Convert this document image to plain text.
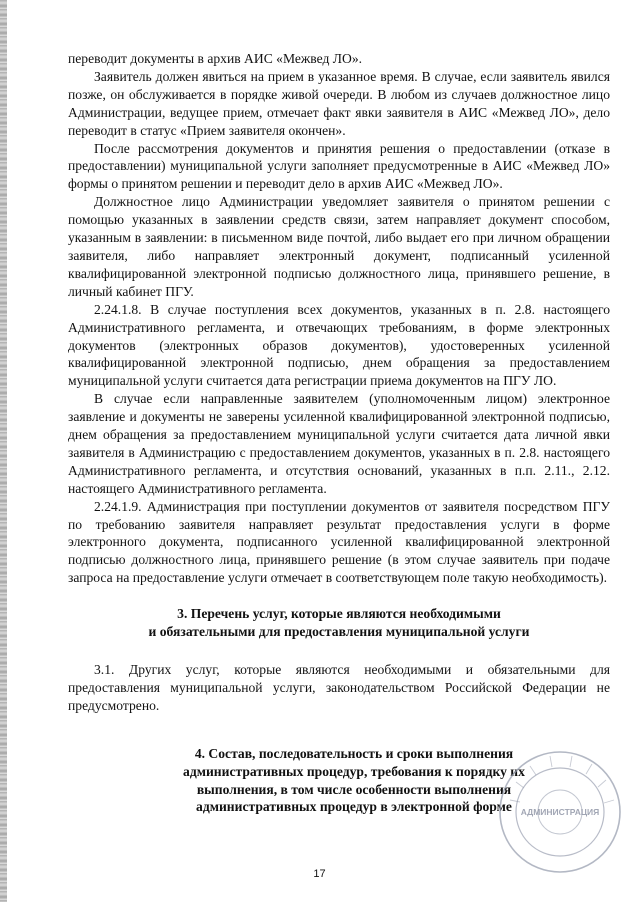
переводит документы в архив АИС «Межвед ЛО».

Заявитель должен явиться на прием в указанное время. В случае, если заявитель явился позже, он обслуживается в порядке живой очереди. В любом из случаев должностное лицо Администрации, ведущее прием, отмечает факт явки заявителя в АИС «Межвед ЛО», дело переводит в статус «Прием заявителя окончен».

После рассмотрения документов и принятия решения о предоставлении (отказе в предоставлении) муниципальной услуги заполняет предусмотренные в АИС «Межвед ЛО» формы о принятом решении и переводит дело в архив АИС «Межвед ЛО».

Должностное лицо Администрации уведомляет заявителя о принятом решении с помощью указанных в заявлении средств связи, затем направляет документ способом, указанным в заявлении: в письменном виде почтой, либо выдает его при личном обращении заявителя, либо направляет электронный документ, подписанный усиленной квалифицированной электронной подписью должностного лица, принявшего решение, в личный кабинет ПГУ.

2.24.1.8. В случае поступления всех документов, указанных в п. 2.8. настоящего Административного регламента, и отвечающих требованиям, в форме электронных документов (электронных образов документов), удостоверенных усиленной квалифицированной электронной подписью, днем обращения за предоставлением муниципальной услуги считается дата регистрации приема документов на ПГУ ЛО.

В случае если направленные заявителем (уполномоченным лицом) электронное заявление и документы не заверены усиленной квалифицированной электронной подписью, днем обращения за предоставлением муниципальной услуги считается дата личной явки заявителя в Администрацию с предоставлением документов, указанных в п. 2.8. настоящего Административного регламента, и отсутствия оснований, указанных в п.п. 2.11., 2.12. настоящего Административного регламента.

2.24.1.9. Администрация при поступлении документов от заявителя посредством ПГУ по требованию заявителя направляет результат предоставления услуги в форме электронного документа, подписанного усиленной квалифицированной электронной подписью должностного лица, принявшего решение (в этом случае заявитель при подаче запроса на предоставление услуги отмечает в соответствующем поле такую необходимость).

3. Перечень услуг, которые являются необходимыми
и обязательными для предоставления муниципальной услуги

3.1. Других услуг, которые являются необходимыми и обязательными для предоставления муниципальной услуги, законодательством Российской Федерации не предусмотрено.

4. Состав, последовательность и сроки выполнения
административных процедур, требования к порядку их
выполнения, в том числе особенности выполнения
административных процедур в электронной форме	АДМИНИСТРАЦИЯ
17
